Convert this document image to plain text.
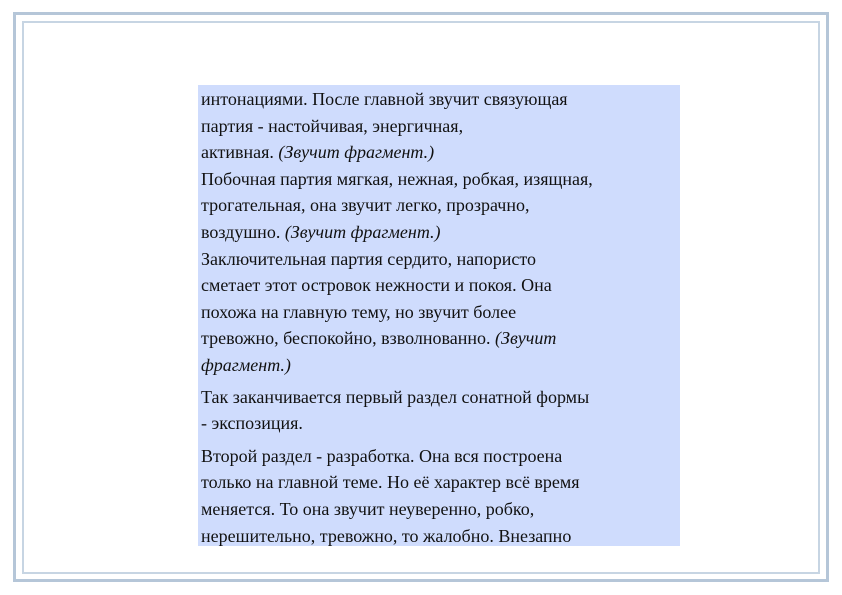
интонациями. После главной звучит связующая
партия - настойчивая, энергичная,
активная. (Звучит фрагмент.)
Побочная партия мягкая, нежная, робкая, изящная,
трогательная, она звучит легко, прозрачно,
воздушно. (Звучит фрагмент.)
Заключительная партия сердито, напористо
сметает этот островок нежности и покоя. Она
похожа на главную тему, но звучит более
тревожно, беспокойно, взволнованно. (Звучит
фрагмент.)
Так заканчивается первый раздел сонатной формы
- экспозиция.
Второй раздел - разработка. Она вся построена
только на главной теме. Но её характер всё время
меняется. То она звучит неуверенно, робко,
нерешительно, тревожно, то жалобно. Внезапно
